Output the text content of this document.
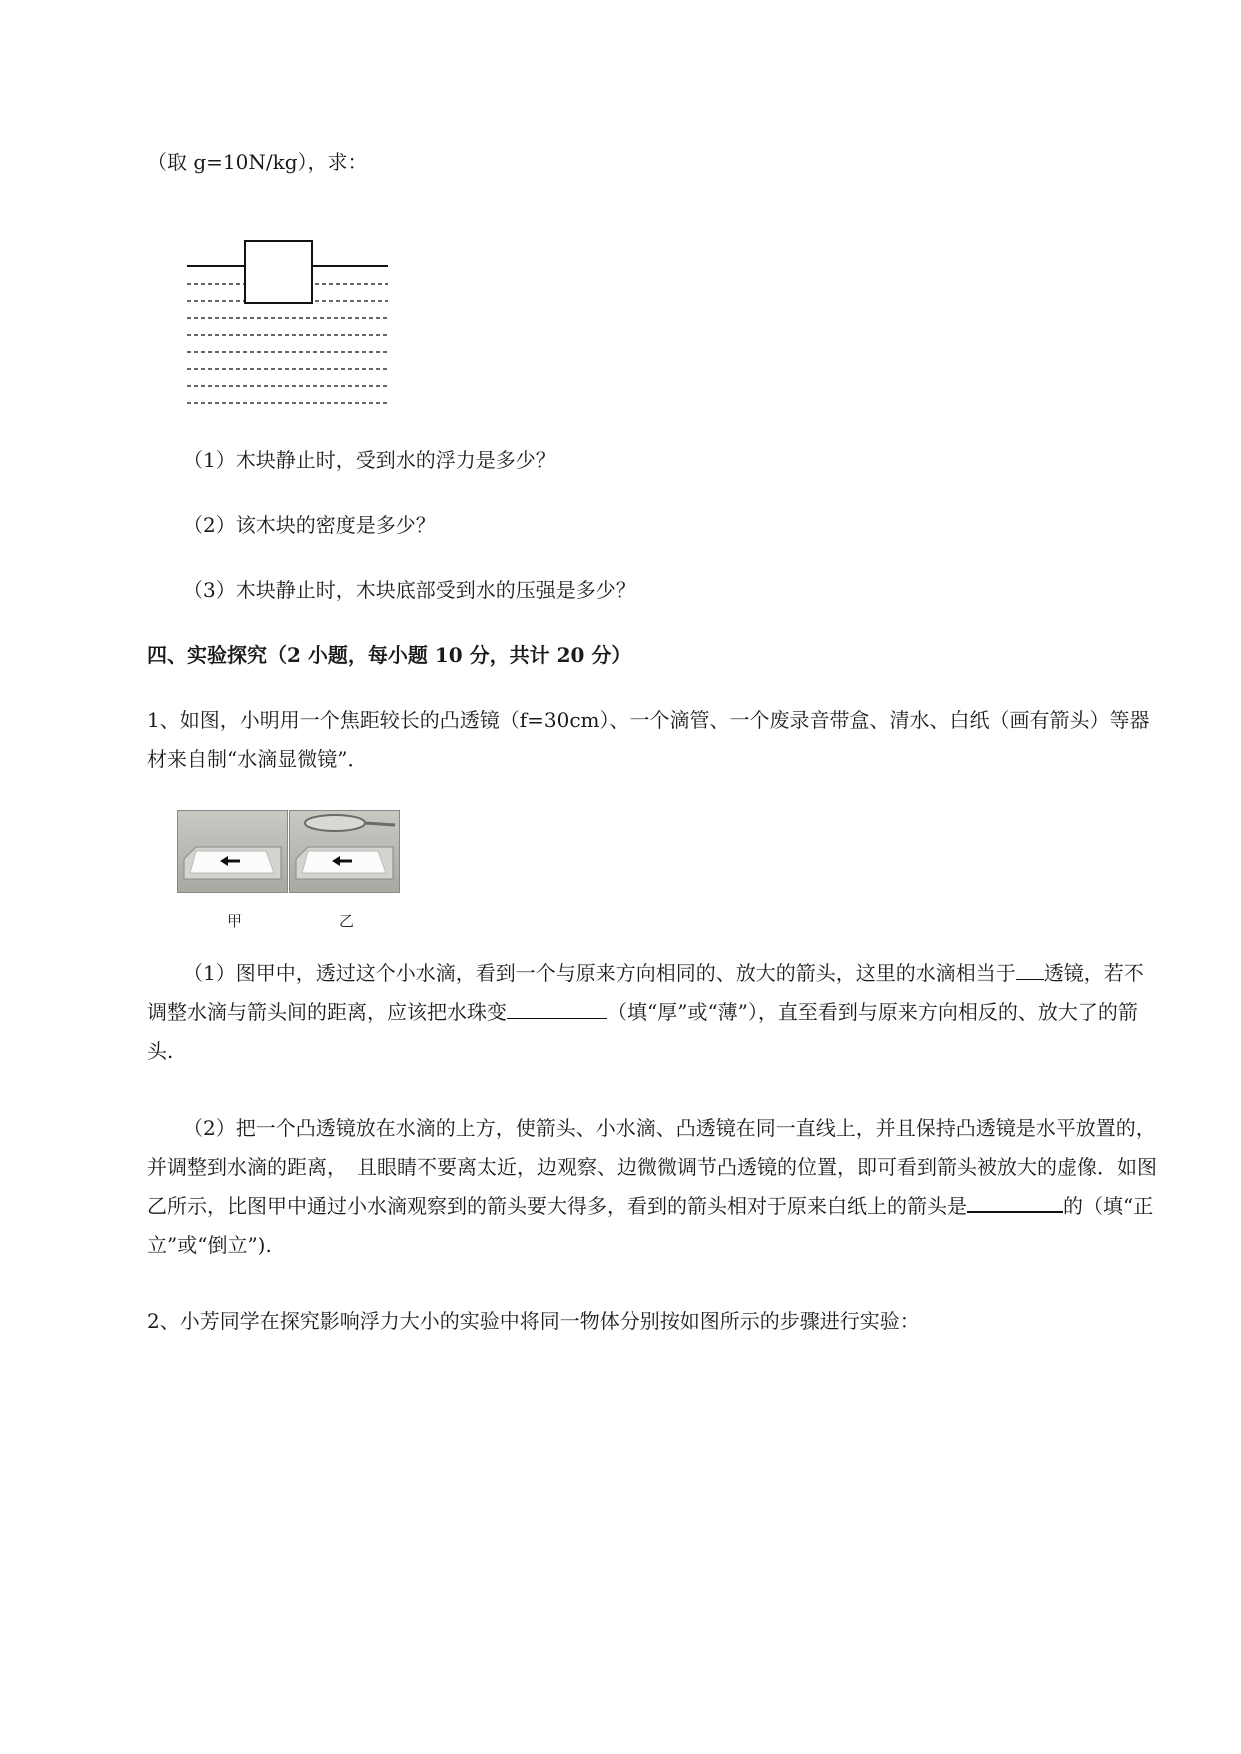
（取 g=10N/kg），求：

（1）木块静止时，受到水的浮力是多少？

（2）该木块的密度是多少？

（3）木块静止时，木块底部受到水的压强是多少？

四、实验探究（2 小题，每小题 10 分，共计 20 分）

1、如图，小明用一个焦距较长的凸透镜（f=30cm）、一个滴管、一个废录音带盒、清水、白纸（画有箭头）等器材来自制“水滴显微镜”．

甲	乙

（1）图甲中，透过这个小水滴，看到一个与原来方向相同的、放大的箭头，这里的水滴相当于 透镜，若不调整水滴与箭头间的距离，应该把水珠变	（填“厚”或“薄”），直至看到与原来方向相反的、放大了的箭头.

（2）把一个凸透镜放在水滴的上方，使箭头、小水滴、凸透镜在同一直线上，并且保持凸透镜是水平放置的，并调整到水滴的距离，　且眼睛不要离太近，边观察、边微微调节凸透镜的位置，即可看到箭头被放大的虚像．如图乙所示，比图甲中通过小水滴观察到的箭头要大得多，看到的箭头相对于原来白纸上的箭头是	的（填“正立”或“倒立”).

2、小芳同学在探究影响浮力大小的实验中将同一物体分别按如图所示的步骤进行实验：
